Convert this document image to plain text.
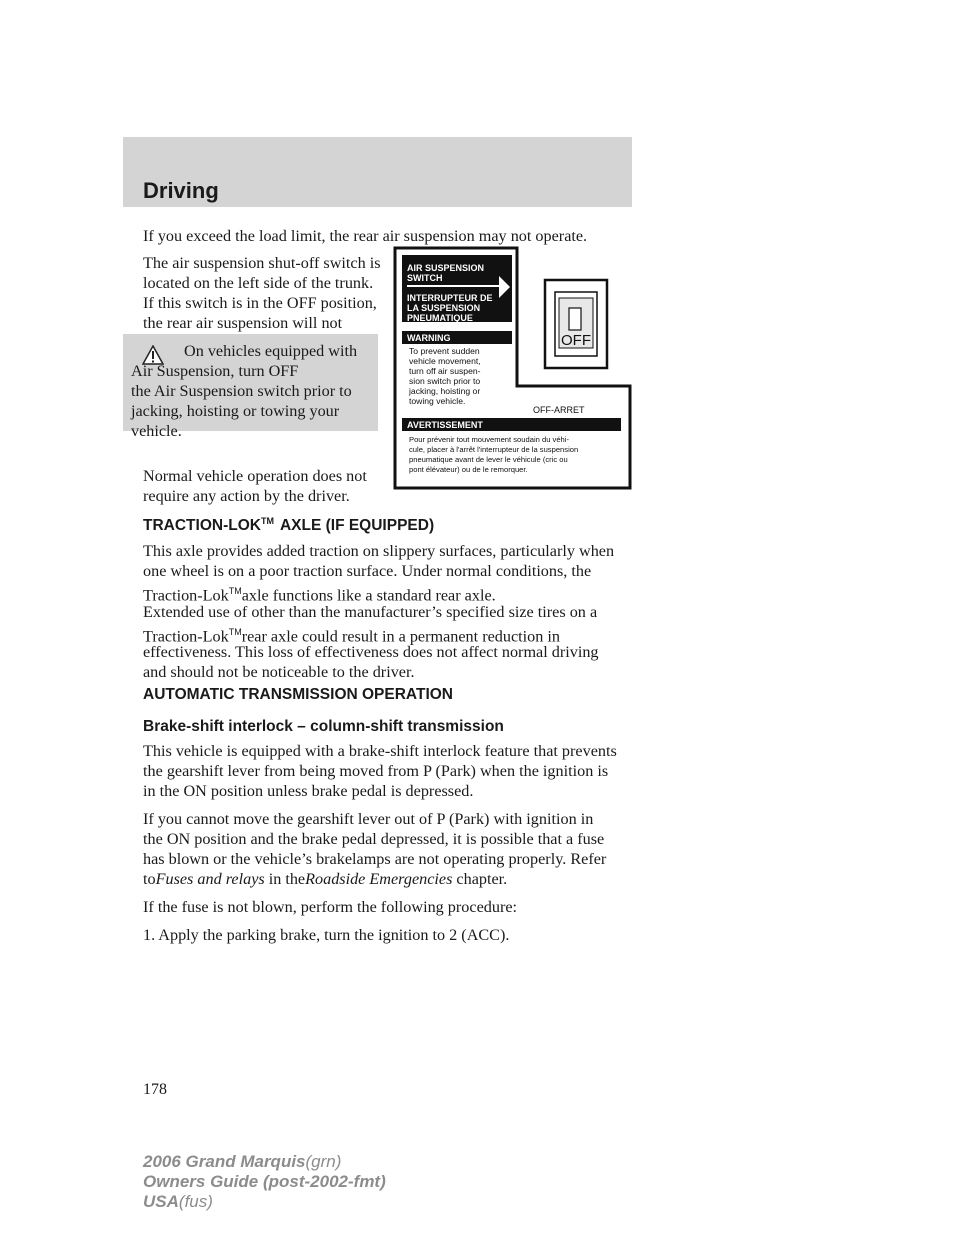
Driving

If you exceed the load limit, the rear air suspension may not operate.

The air suspension shut-off switch is

located on the left side of the trunk.

If this switch is in the OFF position,

the rear air suspension will not

On vehicles equipped with
Air Suspension, turn OFF
the Air Suspension switch prior to
jacking, hoisting or towing your
vehicle.

Normal vehicle operation does not

require any action by the driver.

AIR SUSPENSION
SWITCH
INTERRUPTEUR DE
LA SUSPENSION
PNEUMATIQUE
WARNING
To prevent sudden
vehicle movement,
turn off air suspen-
sion switch prior to
jacking, hoisting or
towing vehicle.
OFF
OFF-ARRET
AVERTISSEMENT
Pour prévenir tout mouvement soudain du véhi-
cule, placer à l'arrêt l'interrupteur de la suspension
pneumatique avant de lever le véhicule (cric ou
pont élévateur) ou de le remorquer.

TRACTION-LOK™ AXLE (IF EQUIPPED)

This axle provides added traction on slippery surfaces, particularly when

one wheel is on a poor traction surface. Under normal conditions, the

Traction-Lok™axle functions like a standard rear axle.

Extended use of other than the manufacturer’s specified size tires on a

Traction-Lok™rear axle could result in a permanent reduction in

effectiveness. This loss of effectiveness does not affect normal driving

and should not be noticeable to the driver.

AUTOMATIC TRANSMISSION OPERATION

Brake-shift interlock – column-shift transmission

This vehicle is equipped with a brake-shift interlock feature that prevents

the gearshift lever from being moved from P (Park) when the ignition is

in the ON position unless brake pedal is depressed.

If you cannot move the gearshift lever out of P (Park) with ignition in

the ON position and the brake pedal depressed, it is possible that a fuse

has blown or the vehicle’s brakelamps are not operating properly. Refer

toFuses and relays in theRoadside Emergencies chapter.

If the fuse is not blown, perform the following procedure:

1. Apply the parking brake, turn the ignition to 2 (ACC).

178
2006 Grand Marquis(grn)
Owners Guide (post-2002-fmt)
USA(fus)
